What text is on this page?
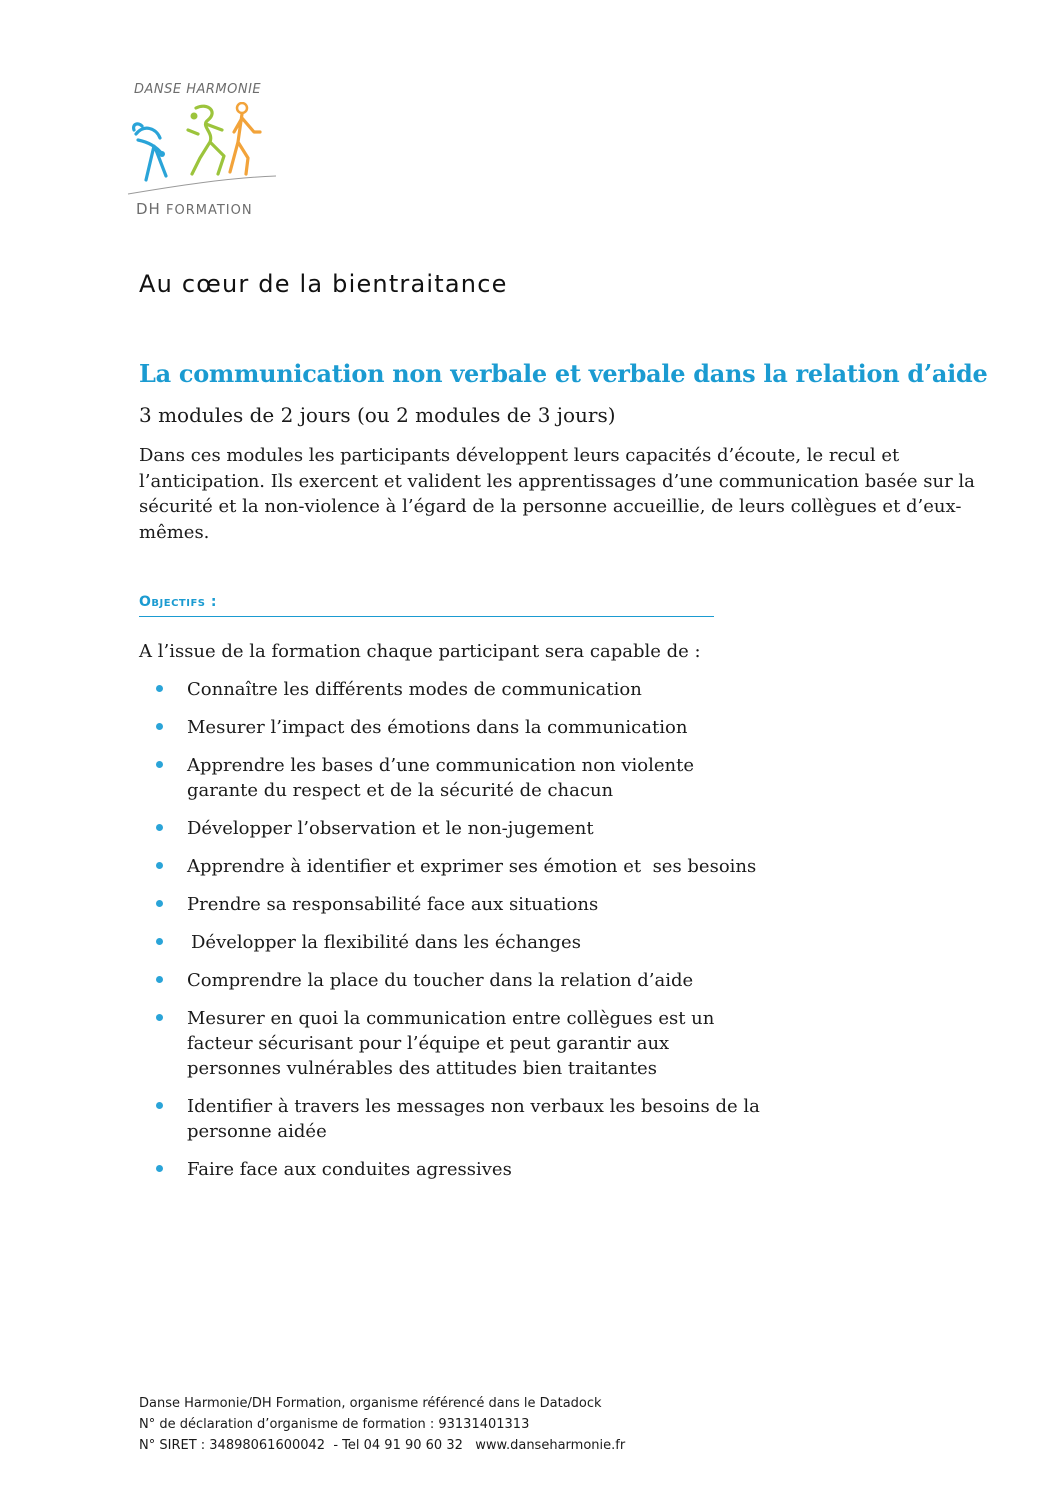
DANSE HARMONIE
DH FORMATION
Au cœur de la bientraitance
La communication non verbale et verbale dans la relation d’aide
3 modules de 2 jours (ou 2 modules de 3 jours)

Dans ces modules les participants développent leurs capacités d’écoute, le recul et l’anticipation. Ils exercent et valident les apprentissages d’une communication basée sur la sécurité et la non-violence à l’égard de la personne accueillie, de leurs collègues et d’eux-mêmes.

Objectifs :
A l’issue de la formation chaque participant sera capable de :
Connaître les différents modes de communication
Mesurer l’impact des émotions dans la communication
Apprendre les bases d’une communication non violente garante du respect et de la sécurité de chacun
Développer l’observation et le non-jugement
Apprendre à identifier et exprimer ses émotion et  ses besoins
Prendre sa responsabilité face aux situations
Développer la flexibilité dans les échanges
Comprendre la place du toucher dans la relation d’aide
Mesurer en quoi la communication entre collègues est un facteur sécurisant pour l’équipe et peut garantir aux personnes vulnérables des attitudes bien traitantes
Identifier à travers les messages non verbaux les besoins de la personne aidée
Faire face aux conduites agressives
Danse Harmonie/DH Formation, organisme référencé dans le Datadock
N° de déclaration d’organisme de formation : 93131401313
N° SIRET : 34898061600042  - Tel 04 91 90 60 32   www.danseharmonie.fr
